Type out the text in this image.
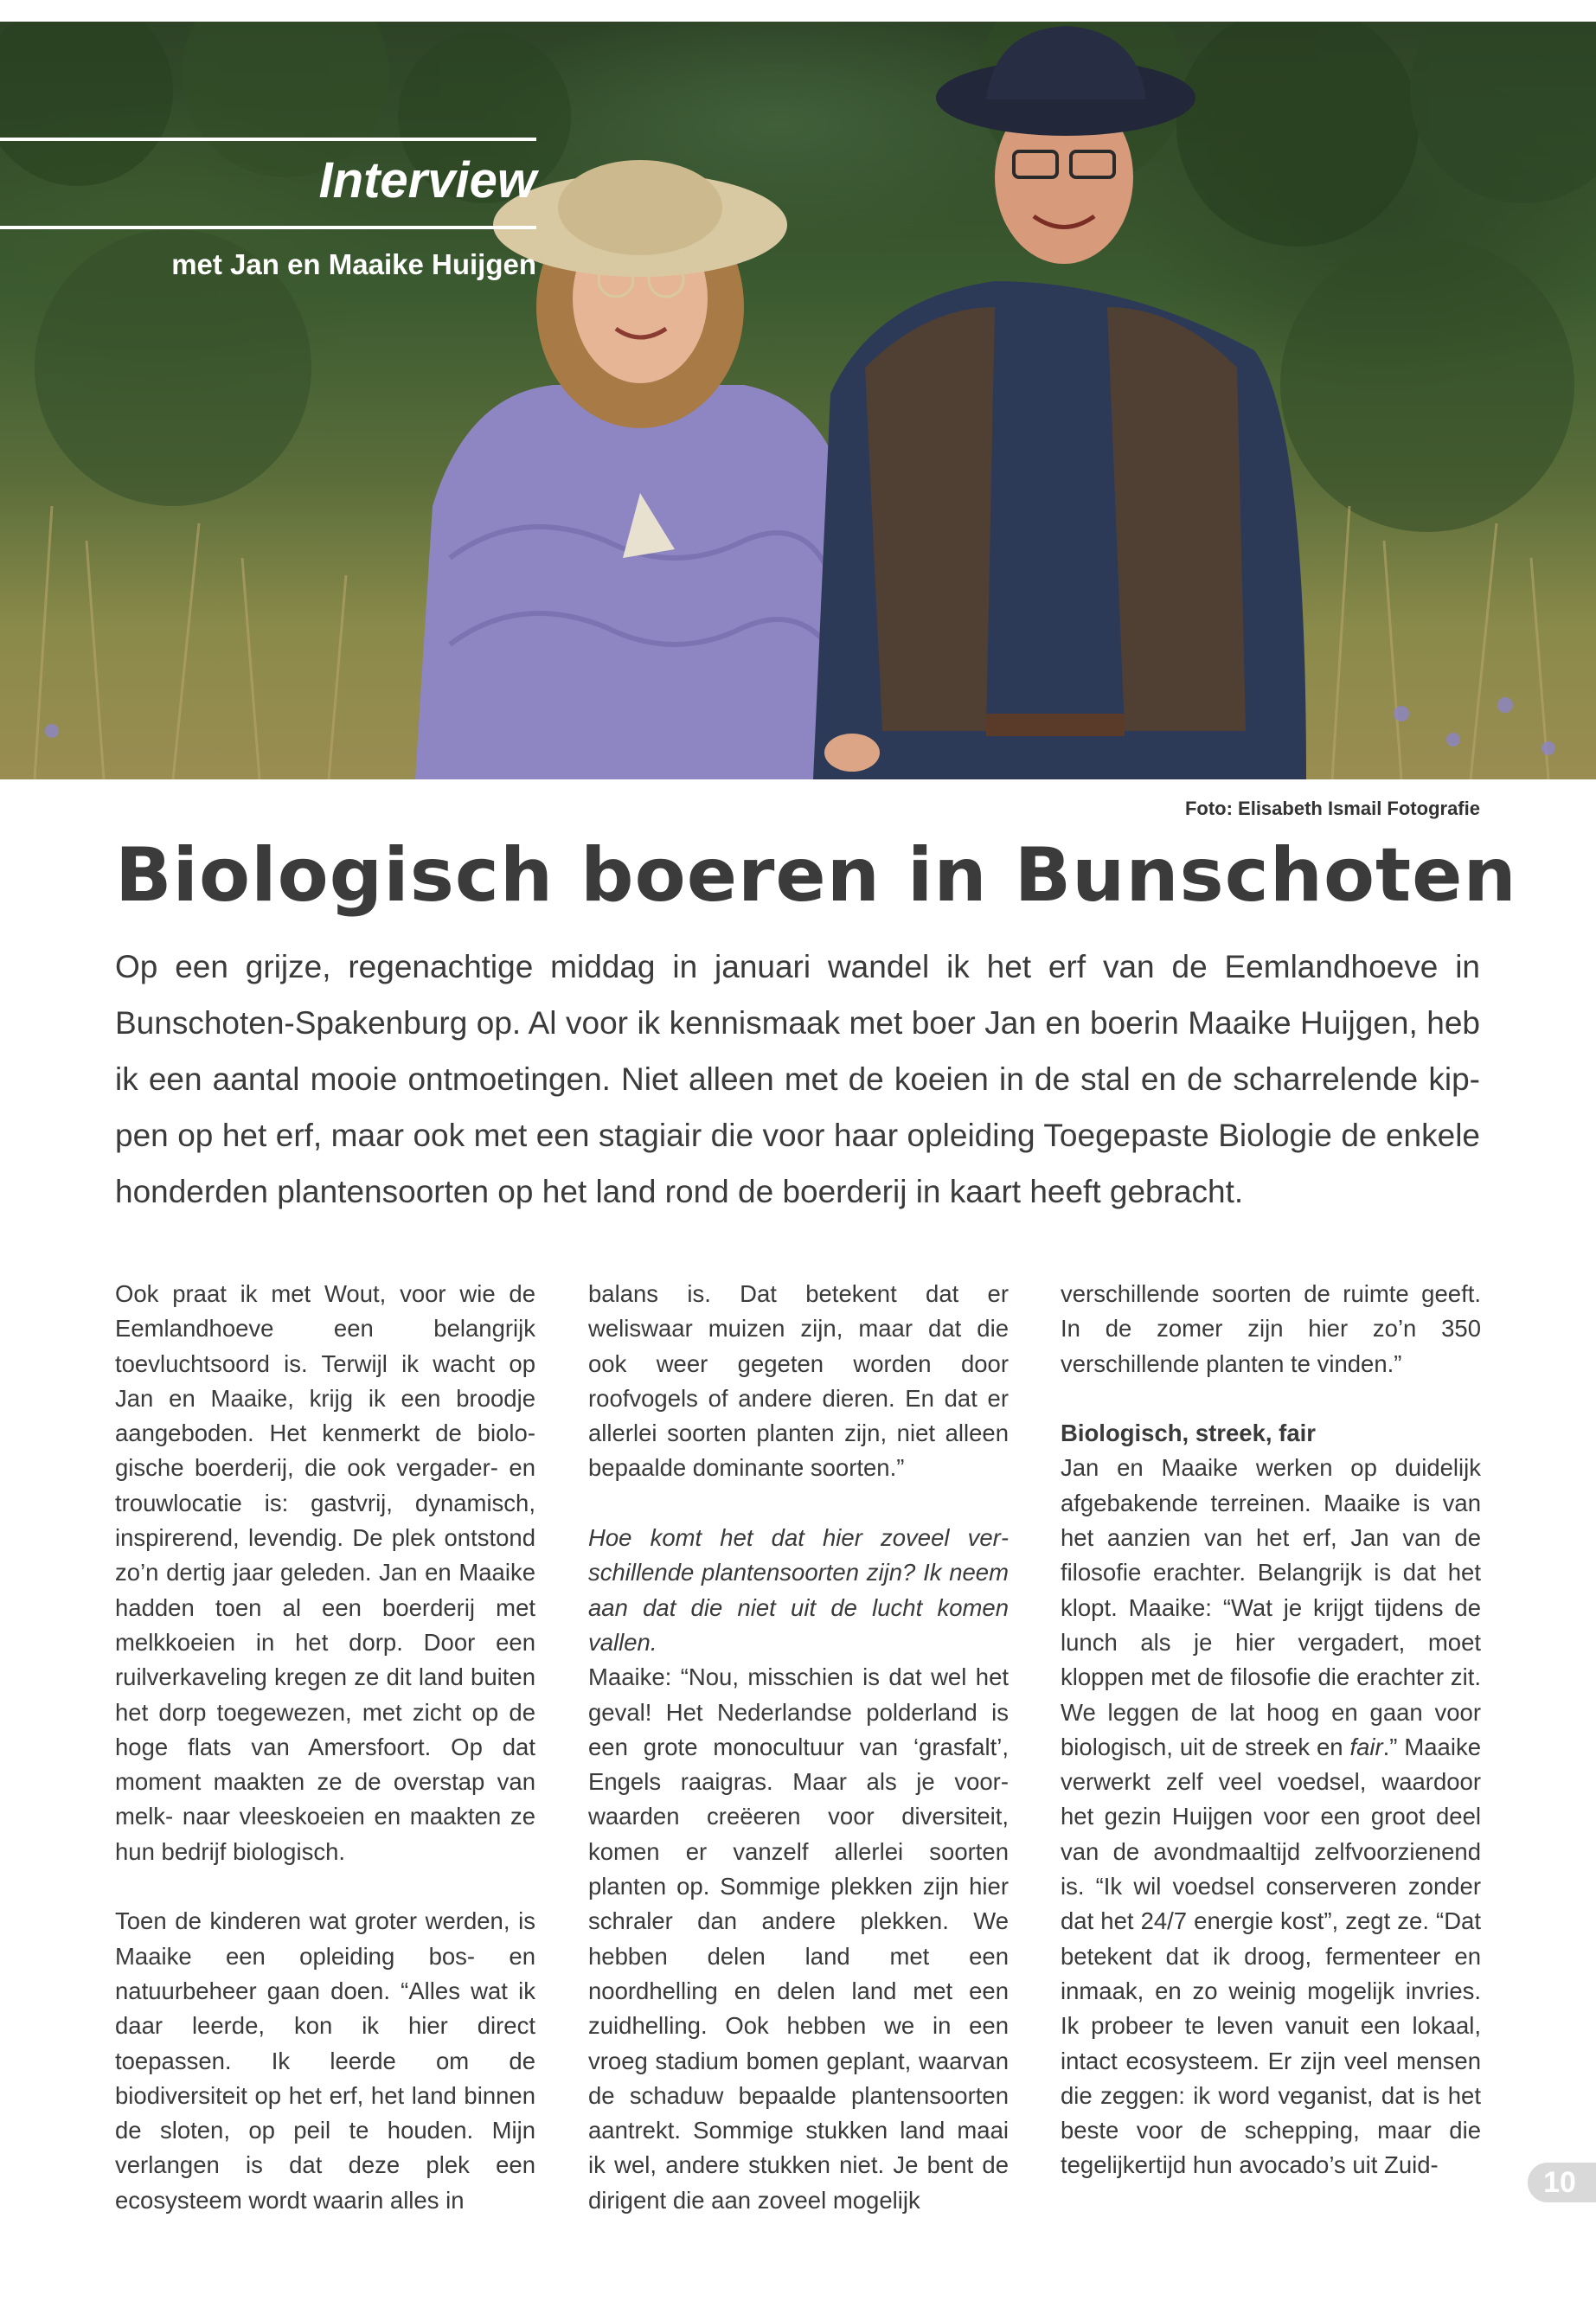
Interview
met Jan en Maaike Huijgen
Foto: Elisabeth Ismail Fotografie
Biologisch boeren in Bunschoten

Op een grijze, regenachtige middag in januari wandel ik het erf van de Eemlandhoeve in Bunschoten-Spakenburg op. Al voor ik kennismaak met boer Jan en boerin Maaike Huijgen, heb ik een aantal mooie ontmoetingen. Niet alleen met de koeien in de stal en de scharrelende kippen op het erf, maar ook met een stagiair die voor haar opleiding Toegepaste Biologie de enkele honderden plantensoorten op het land rond de boerderij in kaart heeft gebracht.

Ook praat ik met Wout, voor wie de Eemlandhoeve een belangrijk toevluchtsoord is. Terwijl ik wacht op Jan en Maaike, krijg ik een broodje aangeboden. Het kenmerkt de biologische boerderij, die ook vergader- en trouwlocatie is: gastvrij, dynamisch, inspirerend, levendig. De plek ontstond zo’n dertig jaar geleden. Jan en Maaike hadden toen al een boerderij met melkkoeien in het dorp. Door een ruilverkaveling kregen ze dit land buiten het dorp toegewezen, met zicht op de hoge flats van Amersfoort. Op dat moment maakten ze de overstap van melk- naar vleeskoeien en maakten ze hun bedrijf biologisch.

Toen de kinderen wat groter werden, is Maaike een opleiding bos- en natuurbeheer gaan doen. “Alles wat ik daar leerde, kon ik hier direct toepassen. Ik leerde om de biodiversiteit op het erf, het land binnen de sloten, op peil te houden. Mijn verlangen is dat deze plek een ecosysteem wordt waarin alles in

balans is. Dat betekent dat er weliswaar muizen zijn, maar dat die ook weer gegeten worden door roofvogels of andere dieren. En dat er allerlei soorten planten zijn, niet alleen bepaalde dominante soorten.”

Hoe komt het dat hier zoveel verschillende plantensoorten zijn? Ik neem aan dat die niet uit de lucht komen vallen.

Maaike: “Nou, misschien is dat wel het geval! Het Nederlandse polderland is een grote monocultuur van ‘grasfalt’, Engels raaigras. Maar als je voorwaarden creëeren voor diversiteit, komen er vanzelf allerlei soorten planten op. Sommige plekken zijn hier schraler dan andere plekken. We hebben delen land met een noordhelling en delen land met een zuidhelling. Ook hebben we in een vroeg stadium bomen geplant, waarvan de schaduw bepaalde plantensoorten aantrekt. Sommige stukken land maai ik wel, andere stukken niet. Je bent de dirigent die aan zoveel mogelijk

verschillende soorten de ruimte geeft. In de zomer zijn hier zo’n 350 verschillende planten te vinden.”

Biologisch, streek, fair

Jan en Maaike werken op duidelijk afgebakende terreinen. Maaike is van het aanzien van het erf, Jan van de filosofie erachter. Belangrijk is dat het klopt. Maaike: “Wat je krijgt tijdens de lunch als je hier vergadert, moet kloppen met de filosofie die erachter zit. We leggen de lat hoog en gaan voor biologisch, uit de streek en fair.” Maaike verwerkt zelf veel voedsel, waardoor het gezin Huijgen voor een groot deel van de avondmaaltijd zelfvoorzienend is. “Ik wil voedsel conserveren zonder dat het 24/7 energie kost”, zegt ze. “Dat betekent dat ik droog, fermenteer en inmaak, en zo weinig mogelijk invries. Ik probeer te leven vanuit een lokaal, intact ecosysteem. Er zijn veel mensen die zeggen: ik word veganist, dat is het beste voor de schepping, maar die tegelijkertijd hun avocado’s uit Zuid-

10
